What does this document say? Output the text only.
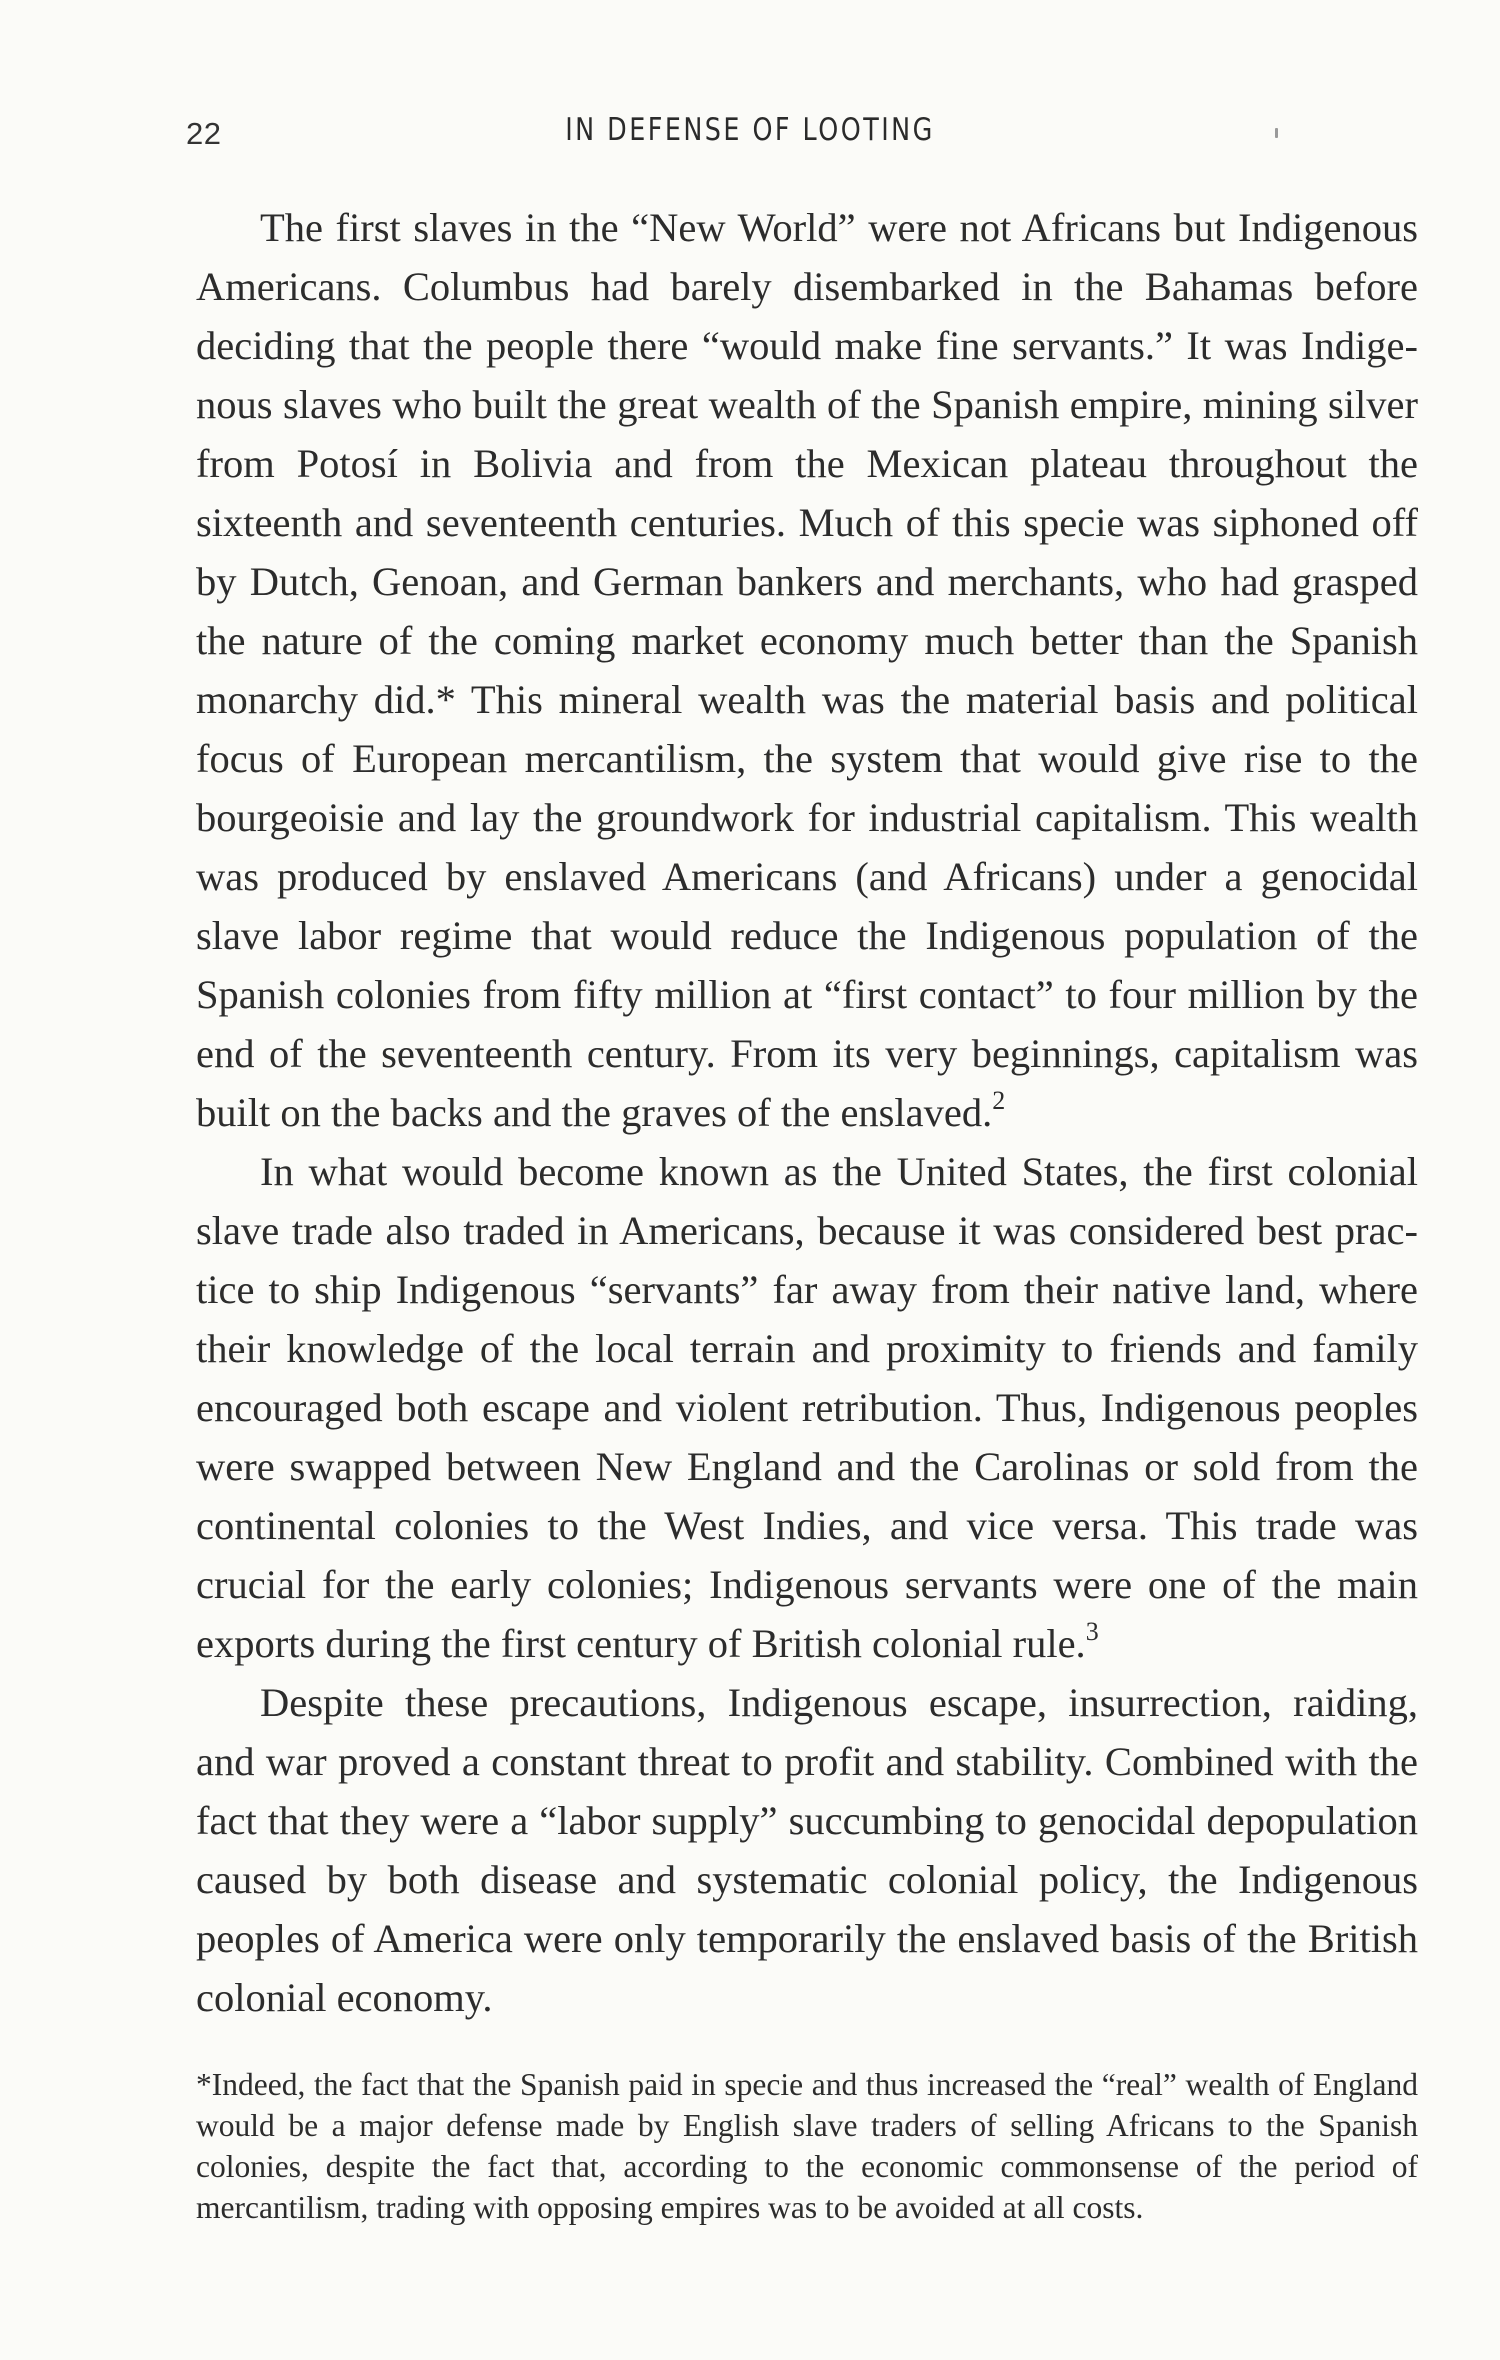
22	IN DEFENSE OF LOOTING

The first slaves in the “New World” were not Africans but Indigenous Americans. Columbus had barely disembarked in the Bahamas before deciding that the people there “would make fine servants.” It was Indigenous slaves who built the great wealth of the Spanish empire, mining silver from Potosí in Bolivia and from the Mexican plateau throughout the sixteenth and seventeenth centuries. Much of this specie was siphoned off by Dutch, Genoan, and German bankers and merchants, who had grasped the nature of the coming market economy much better than the Spanish monarchy did.* This mineral wealth was the material basis and political focus of European mercantilism, the system that would give rise to the bourgeoisie and lay the groundwork for industrial capitalism. This wealth was produced by enslaved Americans (and Africans) under a genocidal slave labor regime that would reduce the Indigenous population of the Spanish colonies from fifty million at “first contact” to four million by the end of the seventeenth century. From its very beginnings, capitalism was built on the backs and the graves of the enslaved.$^2$

In what would become known as the United States, the first colonial slave trade also traded in Americans, because it was considered best practice to ship Indigenous “servants” far away from their native land, where their knowledge of the local terrain and proximity to friends and family encouraged both escape and violent retribution. Thus, Indigenous peoples were swapped between New England and the Carolinas or sold from the continental colonies to the West Indies, and vice versa. This trade was crucial for the early colonies; Indigenous servants were one of the main exports during the first century of British colonial rule.$^3$

Despite these precautions, Indigenous escape, insurrection, raiding, and war proved a constant threat to profit and stability. Combined with the fact that they were a “labor supply” succumbing to genocidal depopulation caused by both disease and systematic colonial policy, the Indigenous peoples of America were only temporarily the enslaved basis of the British colonial economy.

*Indeed, the fact that the Spanish paid in specie and thus increased the “real” wealth of England would be a major defense made by English slave traders of selling Africans to the Spanish colonies, despite the fact that, according to the economic commonsense of the period of mercantilism, trading with opposing empires was to be avoided at all costs.
